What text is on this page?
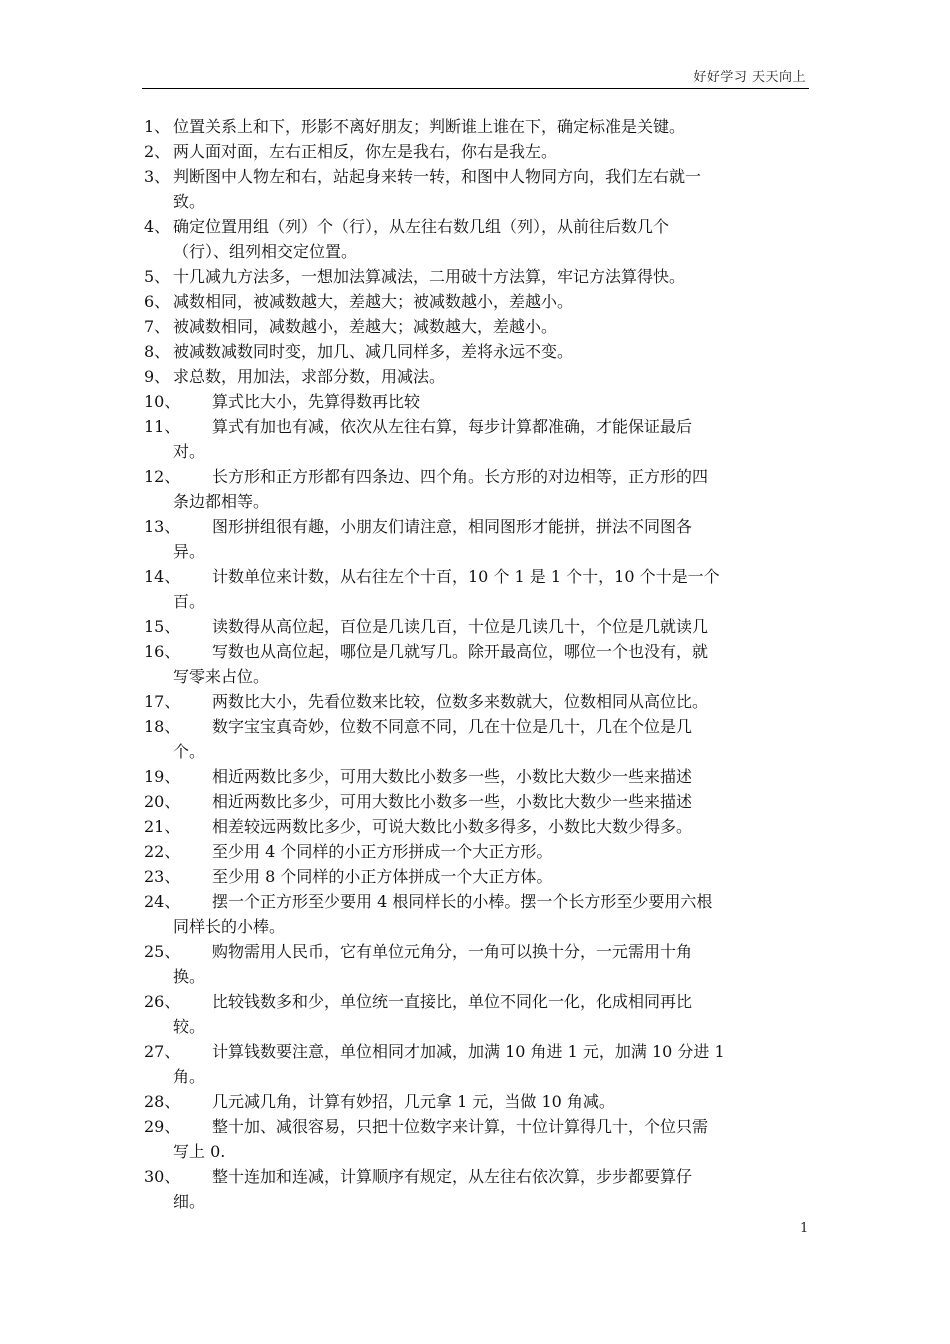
好好学习 天天向上
1、 位置关系上和下，形影不离好朋友；判断谁上谁在下，确定标准是关键。
2、 两人面对面，左右正相反，你左是我右，你右是我左。
3、 判断图中人物左和右，站起身来转一转，和图中人物同方向，我们左右就一
致。
4、 确定位置用组（列）个（行），从左往右数几组（列），从前往后数几个
（行）、组列相交定位置。
5、 十几减九方法多，一想加法算减法，二用破十方法算，牢记方法算得快。
6、 减数相同，被减数越大，差越大；被减数越小，差越小。
7、 被减数相同，减数越小，差越大；减数越大，差越小。
8、 被减数减数同时变，加几、减几同样多，差将永远不变。
9、 求总数，用加法，求部分数，用减法。
10、 算式比大小，先算得数再比较
11、 算式有加也有减，依次从左往右算，每步计算都准确，才能保证最后
对。
12、 长方形和正方形都有四条边、四个角。长方形的对边相等，正方形的四
条边都相等。
13、 图形拼组很有趣，小朋友们请注意，相同图形才能拼，拼法不同图各
异。
14、 计数单位来计数，从右往左个十百，10 个 1 是 1 个十，10 个十是一个
百。
15、 读数得从高位起，百位是几读几百，十位是几读几十，个位是几就读几
16、 写数也从高位起，哪位是几就写几。除开最高位，哪位一个也没有，就
写零来占位。
17、 两数比大小，先看位数来比较，位数多来数就大，位数相同从高位比。
18、 数字宝宝真奇妙，位数不同意不同，几在十位是几十，几在个位是几
个。
19、 相近两数比多少，可用大数比小数多一些，小数比大数少一些来描述
20、 相近两数比多少，可用大数比小数多一些，小数比大数少一些来描述
21、 相差较远两数比多少，可说大数比小数多得多，小数比大数少得多。
22、 至少用 4 个同样的小正方形拼成一个大正方形。
23、 至少用 8 个同样的小正方体拼成一个大正方体。
24、 摆一个正方形至少要用 4 根同样长的小棒。摆一个长方形至少要用六根
同样长的小棒。
25、 购物需用人民币，它有单位元角分，一角可以换十分，一元需用十角
换。
26、 比较钱数多和少，单位统一直接比，单位不同化一化，化成相同再比
较。
27、 计算钱数要注意，单位相同才加减，加满 10 角进 1 元，加满 10 分进 1
角。
28、 几元减几角，计算有妙招，几元拿 1 元，当做 10 角减。
29、 整十加、减很容易，只把十位数字来计算，十位计算得几十，个位只需
写上 0.
30、 整十连加和连减，计算顺序有规定，从左往右依次算，步步都要算仔
细。
1
